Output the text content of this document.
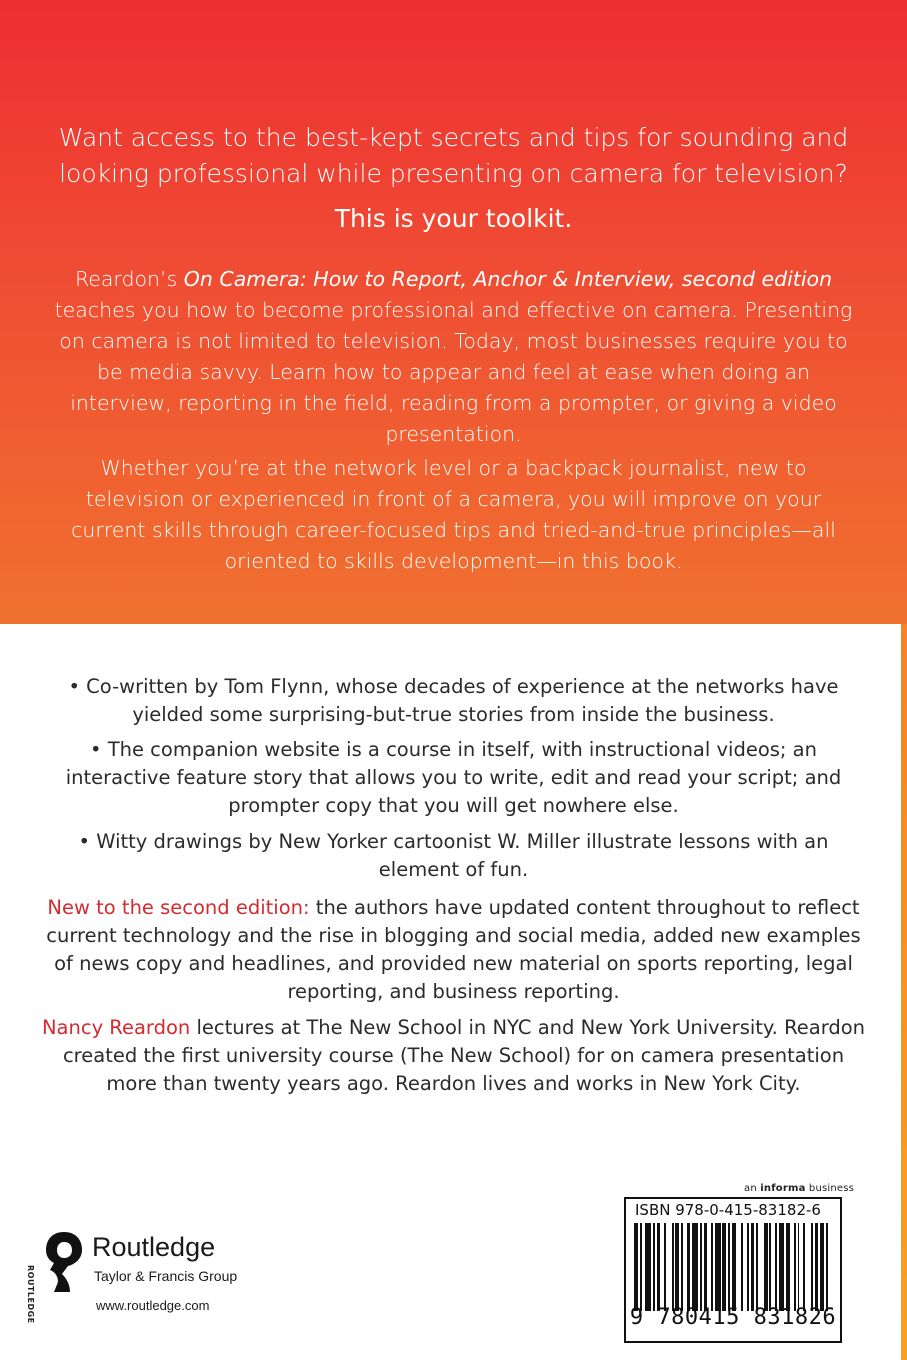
Want access to the best-kept secrets and tips for sounding and looking professional while presenting on camera for television?
This is your toolkit.
Reardon’s On Camera: How to Report, Anchor & Interview, second edition teaches you how to become professional and effective on camera. Presenting on camera is not limited to television. Today, most businesses require you to be media savvy. Learn how to appear and feel at ease when doing an interview, reporting in the field, reading from a prompter, or giving a video presentation.
Whether you’re at the network level or a backpack journalist, new to television or experienced in front of a camera, you will improve on your current skills through career-focused tips and tried-and-true principles—all oriented to skills development—in this book.
• Co-written by Tom Flynn, whose decades of experience at the networks have yielded some surprising-but-true stories from inside the business.
• The companion website is a course in itself, with instructional videos; an interactive feature story that allows you to write, edit and read your script; and prompter copy that you will get nowhere else.
• Witty drawings by New Yorker cartoonist W. Miller illustrate lessons with an element of fun.
New to the second edition: the authors have updated content throughout to reflect current technology and the rise in blogging and social media, added new examples of news copy and headlines, and provided new material on sports reporting, legal reporting, and business reporting.
Nancy Reardon lectures at The New School in NYC and New York University. Reardon created the first university course (The New School) for on camera presentation more than twenty years ago. Reardon lives and works in New York City.
an informa business
ISBN 978-0-415-83182-6
9 780415 831826
ROUTLEDGE
Routledge
Taylor & Francis Group
www.routledge.com
